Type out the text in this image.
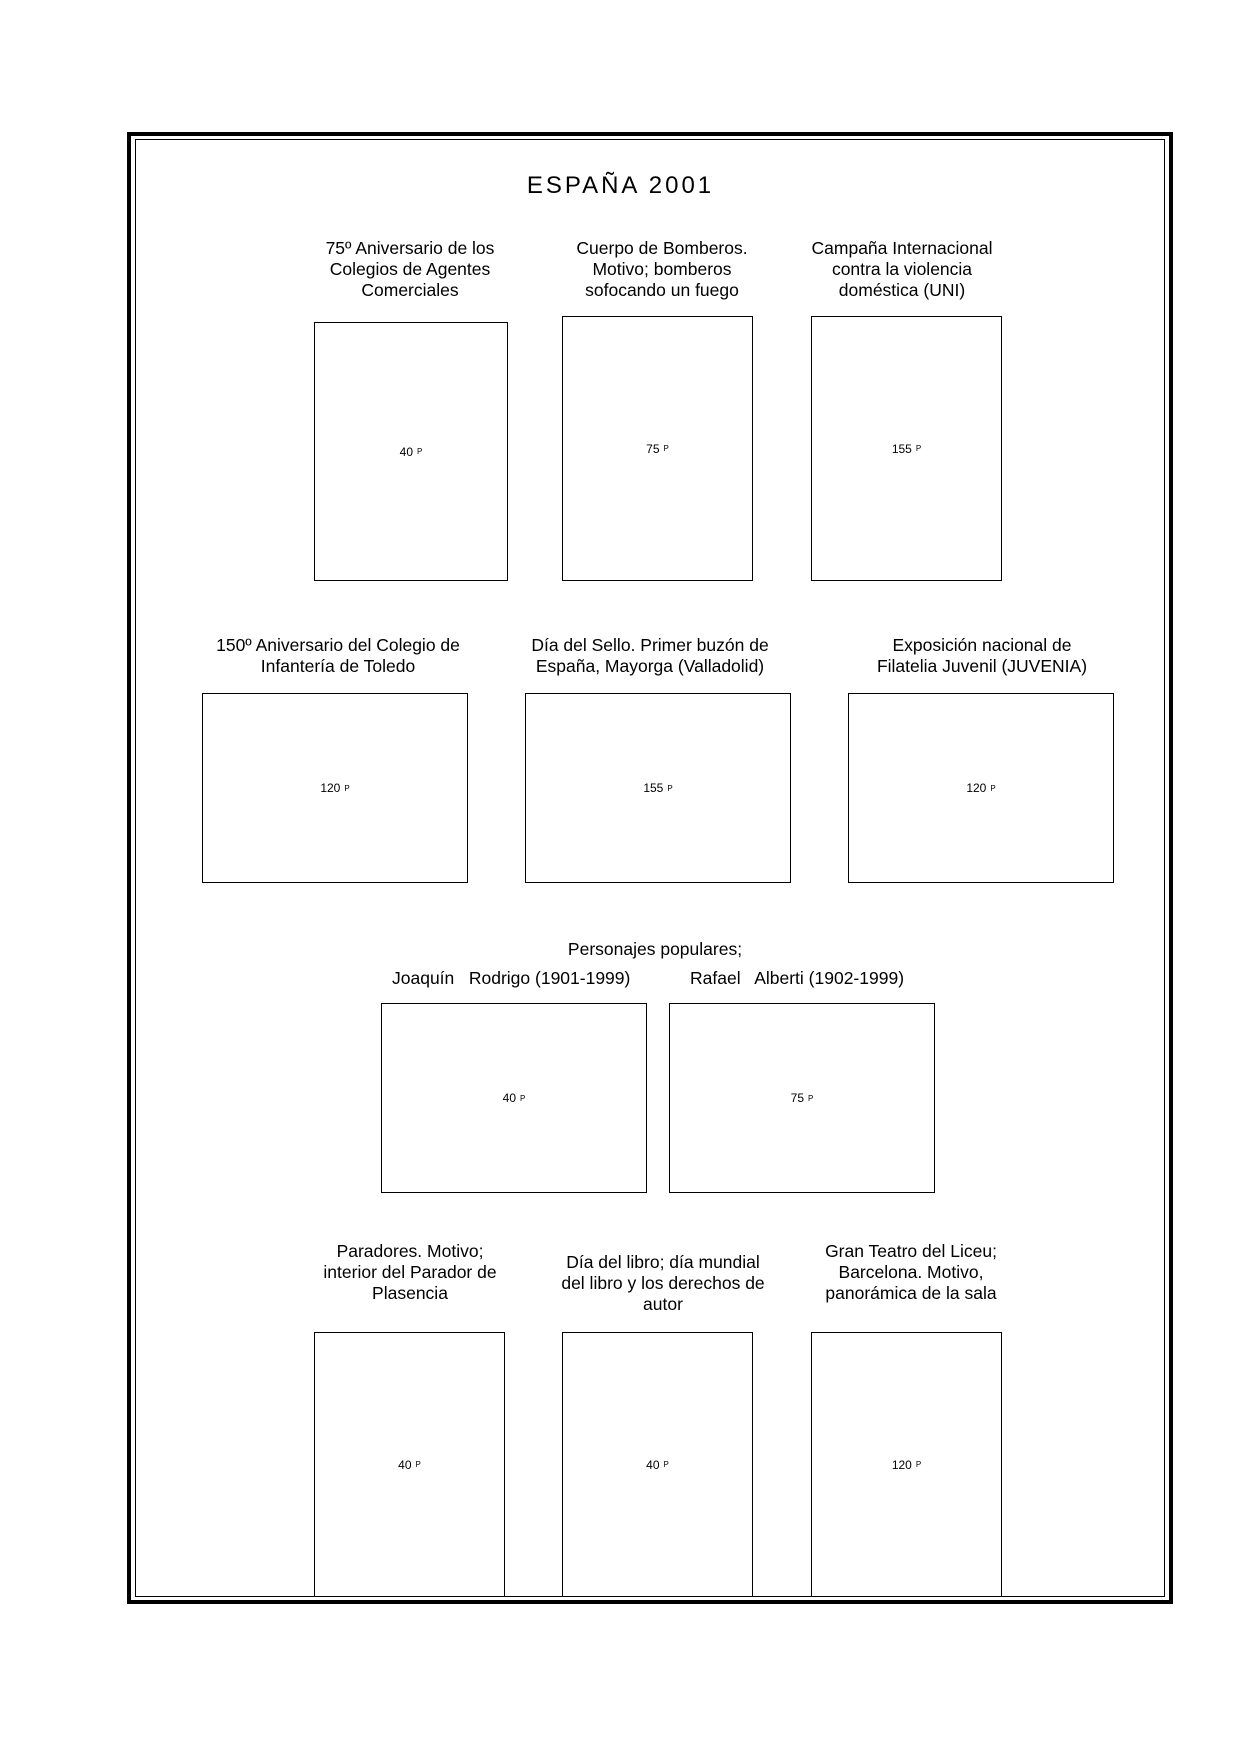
ESPAÑA 2001
75º Aniversario de los
Colegios de Agentes
Comerciales
40 P
Cuerpo de Bomberos.
Motivo; bomberos
sofocando un fuego
75 P
Campaña Internacional
contra la violencia
doméstica (UNI)
155 P
150º Aniversario del Colegio de
Infantería de Toledo
120 P
Día del Sello. Primer buzón de
España, Mayorga (Valladolid)
155 P
Exposición nacional de
Filatelia Juvenil (JUVENIA)
120 P
Personajes populares;
Joaquín   Rodrigo (1901-1999)
40 P
Rafael   Alberti (1902-1999)
75 P
Paradores. Motivo;
interior del Parador de
Plasencia
40 P
Día del libro; día mundial
del libro y los derechos de
autor
40 P
Gran Teatro del Liceu;
Barcelona. Motivo,
panorámica de la sala
120 P
